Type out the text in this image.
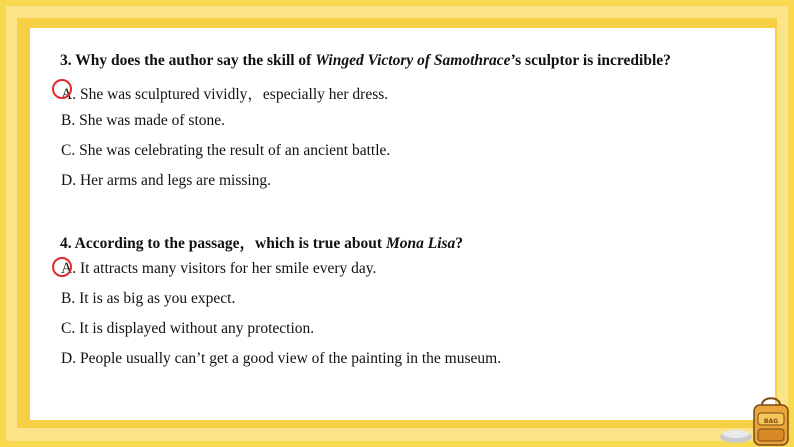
3. Why does the author say the skill of Winged Victory of Samothrace’s sculptor is incredible?
A. She was sculptured vividly，especially her dress.
B. She was made of stone.
C. She was celebrating the result of an ancient battle.
D. Her arms and legs are missing.
4. According to the passage，which is true about Mona Lisa?
A. It attracts many visitors for her smile every day.
B. It is as big as you expect.
C. It is displayed without any protection.
D. People usually can’t get a good view of the painting in the museum.
BAG
